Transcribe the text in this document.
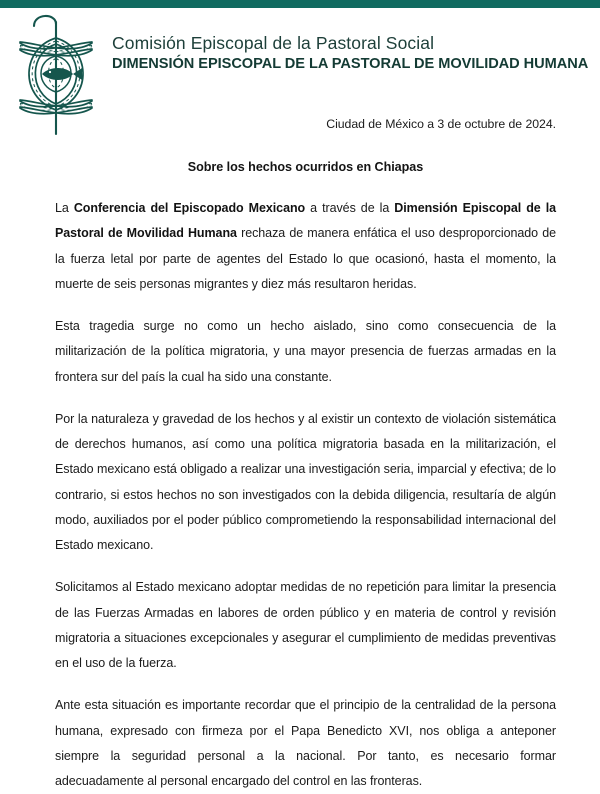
Comisión Episcopal de la Pastoral Social
DIMENSIÓN EPISCOPAL DE LA PASTORAL DE MOVILIDAD HUMANA
Ciudad de México a 3 de octubre de 2024.
Sobre los hechos ocurridos en Chiapas

La Conferencia del Episcopado Mexicano a través de la Dimensión Episcopal de la Pastoral de Movilidad Humana rechaza de manera enfática el uso desproporcionado de la fuerza letal por parte de agentes del Estado lo que ocasionó, hasta el momento, la muerte de seis personas migrantes y diez más resultaron heridas.

Esta tragedia surge no como un hecho aislado, sino como consecuencia de la militarización de la política migratoria, y una mayor presencia de fuerzas armadas en la frontera sur del país la cual ha sido una constante.

Por la naturaleza y gravedad de los hechos y al existir un contexto de violación sistemática de derechos humanos, así como una política migratoria basada en la militarización, el Estado mexicano está obligado a realizar una investigación seria, imparcial y efectiva; de lo contrario, si estos hechos no son investigados con la debida diligencia, resultaría de algún modo, auxiliados por el poder público comprometiendo la responsabilidad internacional del Estado mexicano.

Solicitamos al Estado mexicano adoptar medidas de no repetición para limitar la presencia de las Fuerzas Armadas en labores de orden público y en materia de control y revisión migratoria a situaciones excepcionales y asegurar el cumplimiento de medidas preventivas en el uso de la fuerza.

Ante esta situación es importante recordar que el principio de la centralidad de la persona humana, expresado con firmeza por el Papa Benedicto XVI, nos obliga a anteponer siempre la seguridad personal a la nacional. Por tanto, es necesario formar adecuadamente al personal encargado del control en las fronteras.
